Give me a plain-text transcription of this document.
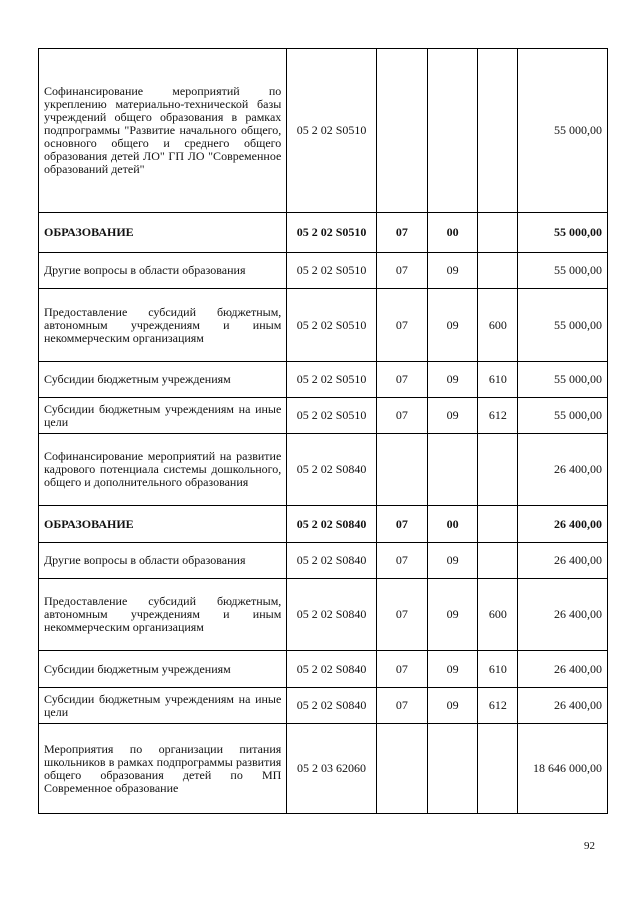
Софинансирование мероприятий по укреплению материально-технической базы учреждений общего образования в рамках подпрограммы "Развитие начального общего, основного общего и среднего общего образования детей ЛО" ГП ЛО "Современное образований детей"	05 2 02 S0510				55 000,00

ОБРАЗОВАНИЕ	05 2 02 S0510	07	00		55 000,00

Другие вопросы в области образования	05 2 02 S0510	07	09		55 000,00

Предоставление субсидий бюджетным, автономным учреждениям и иным некоммерческим организациям	05 2 02 S0510	07	09	600	55 000,00

Субсидии бюджетным учреждениям	05 2 02 S0510	07	09	610	55 000,00

Субсидии бюджетным учреждениям на иные цели	05 2 02 S0510	07	09	612	55 000,00

Софинансирование мероприятий на развитие кадрового потенциала системы дошкольного, общего и дополнительного образования	05 2 02 S0840				26 400,00

ОБРАЗОВАНИЕ	05 2 02 S0840	07	00		26 400,00

Другие вопросы в области образования	05 2 02 S0840	07	09		26 400,00

Предоставление субсидий бюджетным, автономным учреждениям и иным некоммерческим организациям	05 2 02 S0840	07	09	600	26 400,00

Субсидии бюджетным учреждениям	05 2 02 S0840	07	09	610	26 400,00

Субсидии бюджетным учреждениям на иные цели	05 2 02 S0840	07	09	612	26 400,00

Мероприятия по организации питания школьников в рамках подпрограммы развития общего образования детей по МП Современное образование	05 2 03 62060				18 646 000,00
92
